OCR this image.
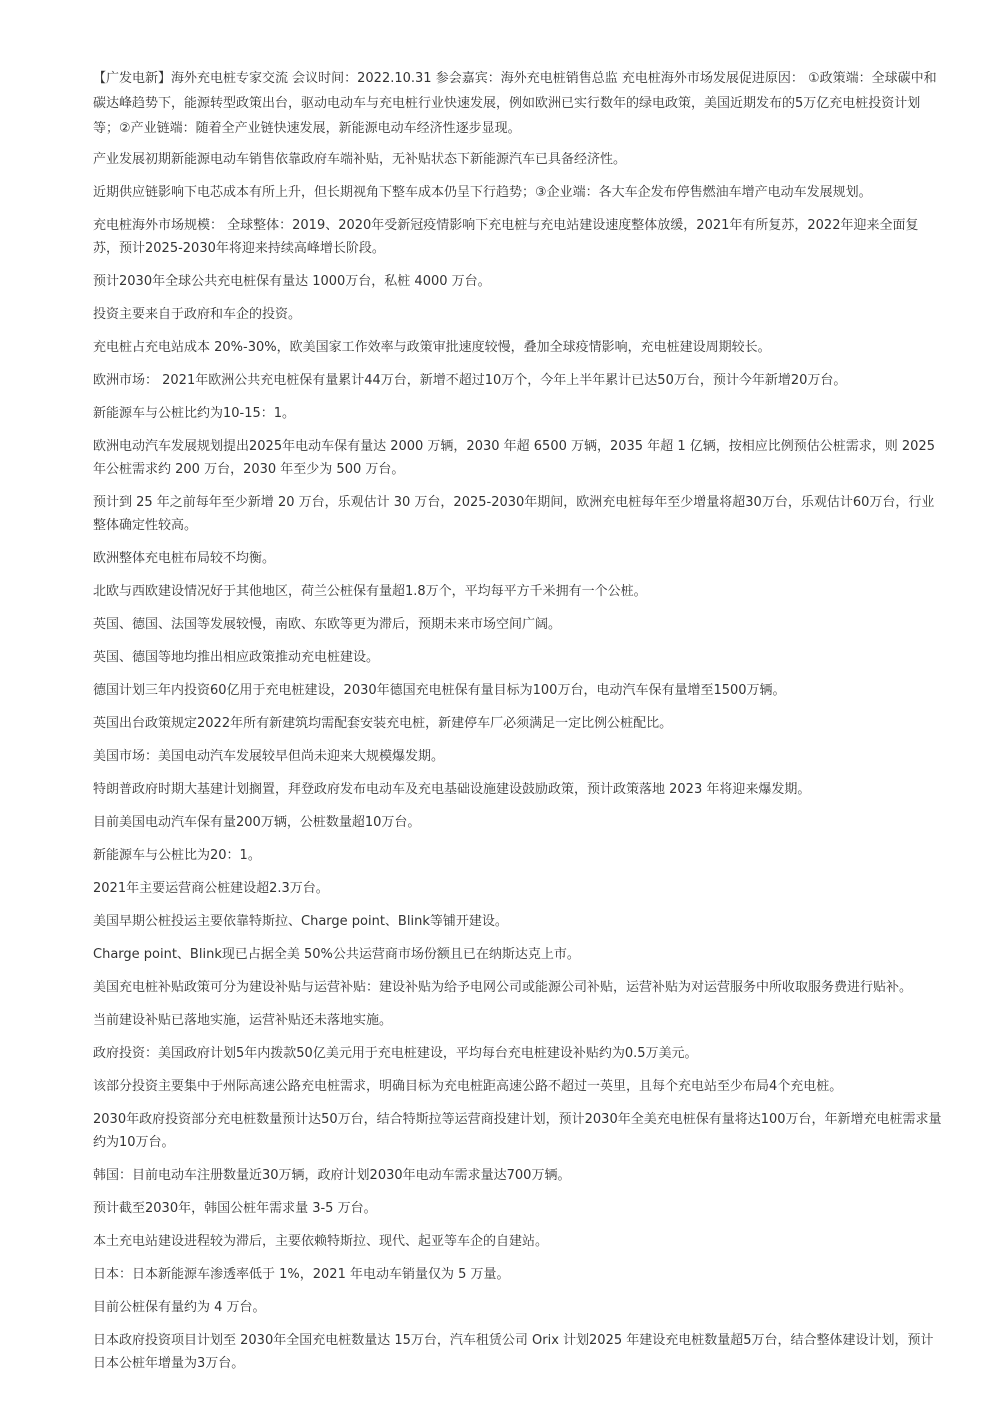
【广发电新】海外充电桩专家交流 会议时间：2022.10.31 参会嘉宾：海外充电桩销售总监 充电桩海外市场发展促进原因： ①政策端：全球碳中和碳达峰趋势下，能源转型政策出台，驱动电动车与充电桩行业快速发展，例如欧洲已实行数年的绿电政策，美国近期发布的5万亿充电桩投资计划等；②产业链端：随着全产业链快速发展，新能源电动车经济性逐步显现。

产业发展初期新能源电动车销售依靠政府车端补贴，无补贴状态下新能源汽车已具备经济性。

近期供应链影响下电芯成本有所上升，但长期视角下整车成本仍呈下行趋势；③企业端：各大车企发布停售燃油车增产电动车发展规划。

充电桩海外市场规模： 全球整体：2019、2020年受新冠疫情影响下充电桩与充电站建设速度整体放缓，2021年有所复苏，2022年迎来全面复苏，预计2025-2030年将迎来持续高峰增长阶段。

预计2030年全球公共充电桩保有量达 1000万台，私桩 4000 万台。

投资主要来自于政府和车企的投资。

充电桩占充电站成本 20%-30%，欧美国家工作效率与政策审批速度较慢，叠加全球疫情影响，充电桩建设周期较长。

欧洲市场： 2021年欧洲公共充电桩保有量累计44万台，新增不超过10万个，今年上半年累计已达50万台，预计今年新增20万台。

新能源车与公桩比约为10-15：1。

欧洲电动汽车发展规划提出2025年电动车保有量达 2000 万辆，2030 年超 6500 万辆，2035 年超 1 亿辆，按相应比例预估公桩需求，则 2025 年公桩需求约 200 万台，2030 年至少为 500 万台。

预计到 25 年之前每年至少新增 20 万台，乐观估计 30 万台，2025-2030年期间，欧洲充电桩每年至少增量将超30万台，乐观估计60万台，行业整体确定性较高。

欧洲整体充电桩布局较不均衡。

北欧与西欧建设情况好于其他地区，荷兰公桩保有量超1.8万个，平均每平方千米拥有一个公桩。

英国、德国、法国等发展较慢，南欧、东欧等更为滞后，预期未来市场空间广阔。

英国、德国等地均推出相应政策推动充电桩建设。

德国计划三年内投资60亿用于充电桩建设，2030年德国充电桩保有量目标为100万台，电动汽车保有量增至1500万辆。

英国出台政策规定2022年所有新建筑均需配套安装充电桩，新建停车厂必须满足一定比例公桩配比。

美国市场：美国电动汽车发展较早但尚未迎来大规模爆发期。

特朗普政府时期大基建计划搁置，拜登政府发布电动车及充电基础设施建设鼓励政策，预计政策落地 2023 年将迎来爆发期。

目前美国电动汽车保有量200万辆，公桩数量超10万台。

新能源车与公桩比为20：1。

2021年主要运营商公桩建设超2.3万台。

美国早期公桩投运主要依靠特斯拉、Charge point、Blink等铺开建设。

Charge point、Blink现已占据全美 50%公共运营商市场份额且已在纳斯达克上市。

美国充电桩补贴政策可分为建设补贴与运营补贴：建设补贴为给予电网公司或能源公司补贴，运营补贴为对运营服务中所收取服务费进行贴补。

当前建设补贴已落地实施，运营补贴还未落地实施。

政府投资：美国政府计划5年内拨款50亿美元用于充电桩建设，平均每台充电桩建设补贴约为0.5万美元。

该部分投资主要集中于州际高速公路充电桩需求，明确目标为充电桩距高速公路不超过一英里，且每个充电站至少布局4个充电桩。

2030年政府投资部分充电桩数量预计达50万台，结合特斯拉等运营商投建计划，预计2030年全美充电桩保有量将达100万台，年新增充电桩需求量约为10万台。

韩国：目前电动车注册数量近30万辆，政府计划2030年电动车需求量达700万辆。

预计截至2030年，韩国公桩年需求量 3-5 万台。

本土充电站建设进程较为滞后，主要依赖特斯拉、现代、起亚等车企的自建站。

日本：日本新能源车渗透率低于 1%，2021 年电动车销量仅为 5 万量。

目前公桩保有量约为 4 万台。

日本政府投资项目计划至 2030年全国充电桩数量达 15万台，汽车租赁公司 Orix 计划2025 年建设充电桩数量超5万台，结合整体建设计划，预计日本公桩年增量为3万台。
